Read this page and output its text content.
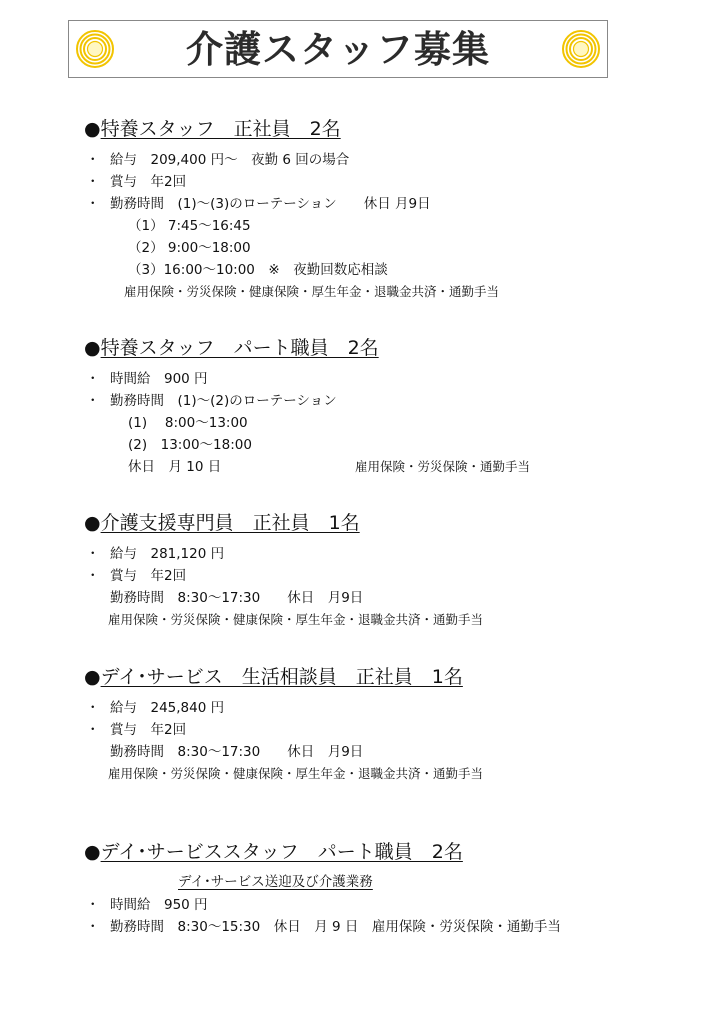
介護スタッフ募集
●特養スタッフ　正社員　2名
・ 給与　209,400 円～　夜勤 6 回の場合
・ 賞与　年2回
・ 勤務時間　(1)～(3)のローテーション　　休日 月9日
（1） 7:45～16:45
（2） 9:00～18:00
（3）16:00～10:00　※　夜勤回数応相談
雇用保険・労災保険・健康保険・厚生年金・退職金共済・通勤手当
●特養スタッフ　パート職員　2名
・ 時間給　900 円
・ 勤務時間　(1)～(2)のローテーション
(1)　 8:00～13:00
(2)　13:00～18:00
休日　月 10 日	雇用保険・労災保険・通勤手当
●介護支援専門員　正社員　1名
・ 給与　281,120 円
・ 賞与　年2回
勤務時間　8:30～17:30　　休日　月9日
雇用保険・労災保険・健康保険・厚生年金・退職金共済・通勤手当
●デイ･サービス　生活相談員　正社員　1名
・ 給与　245,840 円
・ 賞与　年2回
勤務時間　8:30～17:30　　休日　月9日
雇用保険・労災保険・健康保険・厚生年金・退職金共済・通勤手当
●デイ･サービススタッフ　パート職員　2名
デイ･サービス送迎及び介護業務
・ 時間給　950 円
・ 勤務時間　8:30～15:30　休日　月 9 日　雇用保険・労災保険・通勤手当
